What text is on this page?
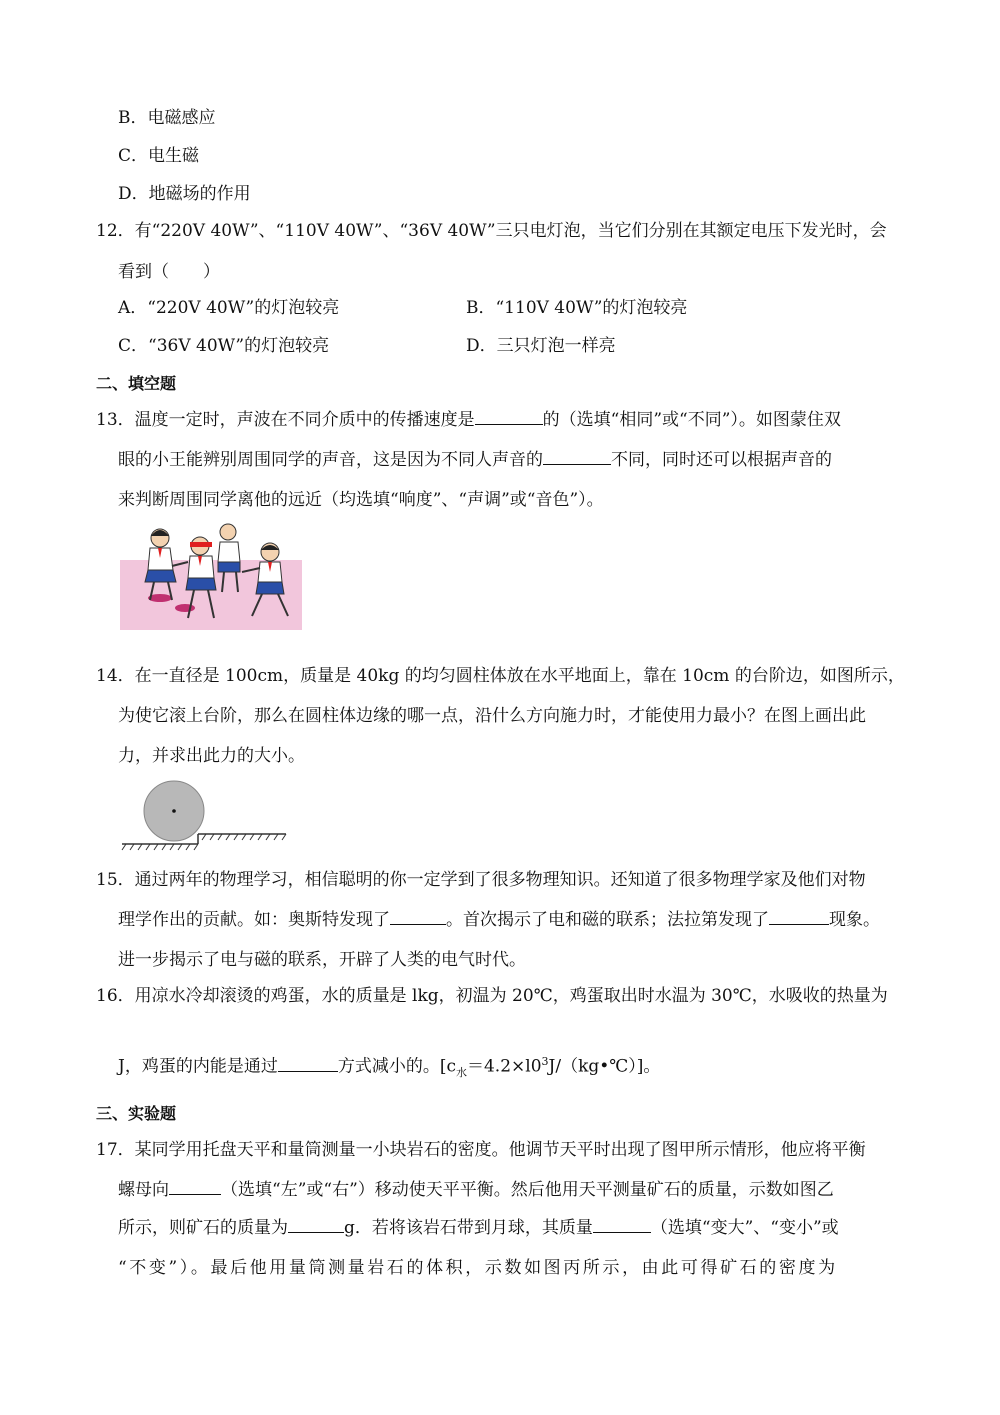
B．电磁感应
C．电生磁
D．地磁场的作用
12．有“220V 40W”、“110V 40W”、“36V 40W”三只电灯泡，当它们分别在其额定电压下发光时，会
看到（　　）
A．“220V 40W”的灯泡较亮	B．“110V 40W”的灯泡较亮
C．“36V 40W”的灯泡较亮	D．三只灯泡一样亮
二、填空题
13．温度一定时，声波在不同介质中的传播速度是	的（选填“相同”或“不同”）。如图蒙住双
眼的小王能辨别周围同学的声音，这是因为不同人声音的	不同，同时还可以根据声音的
来判断周围同学离他的远近（均选填“响度”、“声调”或“音色”）。
14．在一直径是 100cm，质量是 40kg 的均匀圆柱体放在水平地面上，靠在 10cm 的台阶边，如图所示，
为使它滚上台阶，那么在圆柱体边缘的哪一点，沿什么方向施力时，才能使用力最小？在图上画出此
力，并求出此力的大小。
15．通过两年的物理学习，相信聪明的你一定学到了很多物理知识。还知道了很多物理学家及他们对物
理学作出的贡献。如：奥斯特发现了	。首次揭示了电和磁的联系；法拉第发现了	现象。
进一步揭示了电与磁的联系，开辟了人类的电气时代。
16．用凉水冷却滚烫的鸡蛋，水的质量是 lkg，初温为 20℃，鸡蛋取出时水温为 30℃，水吸收的热量为
J，鸡蛋的内能是通过	方式减小的。$[c_水=4.2\times l0^3J/(kg•℃)]$。
三、实验题
17．某同学用托盘天平和量筒测量一小块岩石的密度。他调节天平时出现了图甲所示情形，他应将平衡
螺母向	（选填“左”或“右”）移动使天平平衡。然后他用天平测量矿石的质量，示数如图乙
所示，则矿石的质量为	g．若将该岩石带到月球，其质量	（选填“变大”、“变小”或
“不变”）。最后他用量筒测量岩石的体积，示数如图丙所示，由此可得矿石的密度为
